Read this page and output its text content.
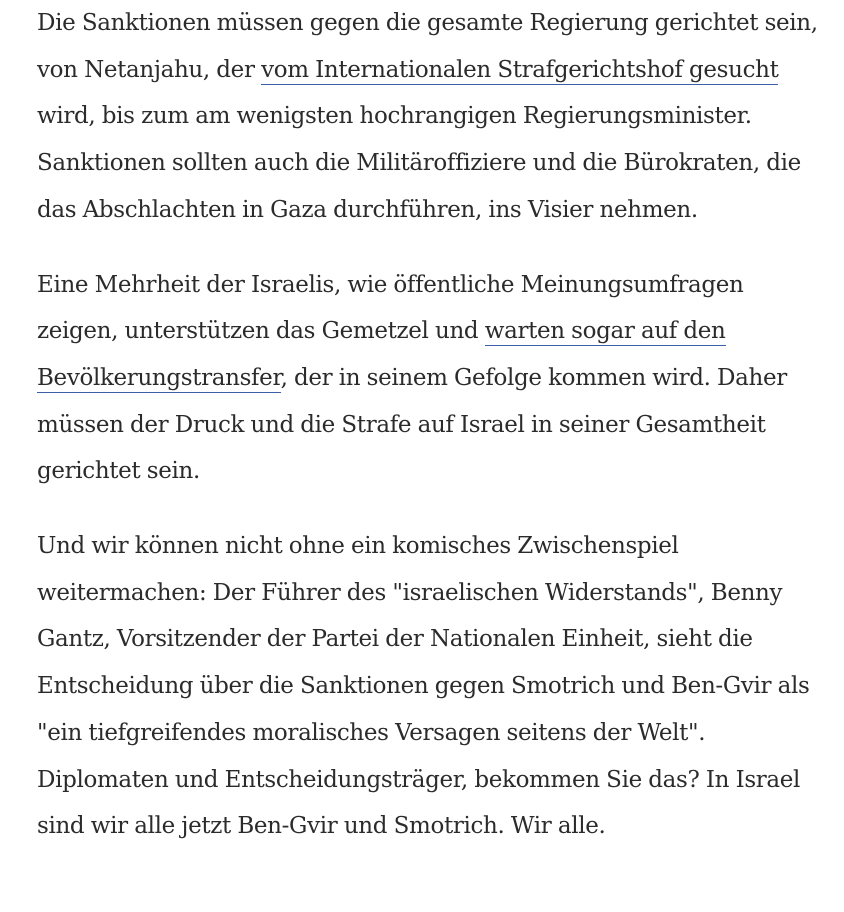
Die Sanktionen müssen gegen die gesamte Regierung gerichtet sein, von Netanjahu, der vom Internationalen Strafgerichtshof gesucht wird, bis zum am wenigsten hochrangigen Regierungsminister. Sanktionen sollten auch die Militäroffiziere und die Bürokraten, die das Abschlachten in Gaza durchführen, ins Visier nehmen.

Eine Mehrheit der Israelis, wie öffentliche Meinungsumfragen zeigen, unterstützen das Gemetzel und warten sogar auf den Bevölkerungstransfer, der in seinem Gefolge kommen wird. Daher müssen der Druck und die Strafe auf Israel in seiner Gesamtheit gerichtet sein.

Und wir können nicht ohne ein komisches Zwischenspiel weitermachen: Der Führer des "israelischen Widerstands", Benny Gantz, Vorsitzender der Partei der Nationalen Einheit, sieht die Entscheidung über die Sanktionen gegen Smotrich und Ben-Gvir als "ein tiefgreifendes moralisches Versagen seitens der Welt". Diplomaten und Entscheidungsträger, bekommen Sie das? In Israel sind wir alle jetzt Ben-Gvir und Smotrich. Wir alle.
